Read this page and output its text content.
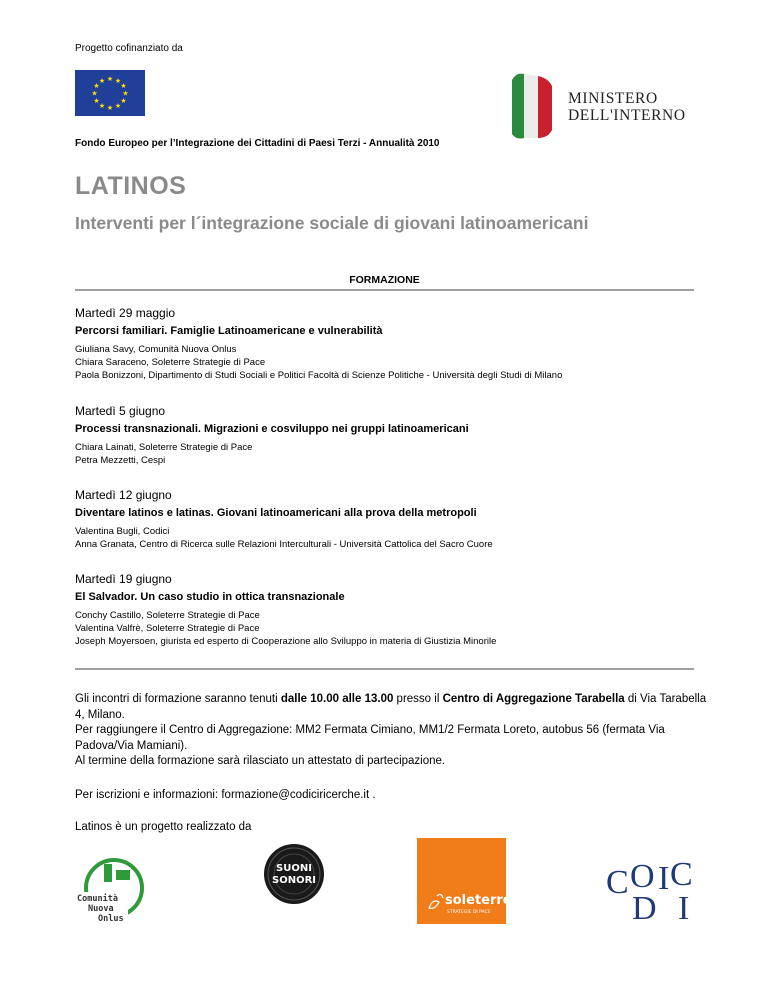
Progetto cofinanziato da
★ ★
★
★
★
★
★
★
★
★
★
★
MINISTERO
DELL'INTERNO
Fondo Europeo per l’Integrazione dei Cittadini di Paesi Terzi - Annualità 2010
LATINOS
Interventi per l´integrazione sociale di giovani latinoamericani
FORMAZIONE
Martedì 29 maggio
Percorsi familiari. Famiglie Latinoamericane e vulnerabilità
Giuliana Savy, Comunità Nuova Onlus
Chiara Saraceno, Soleterre Strategie di Pace
Paola Bonizzoni, Dipartimento di Studi Sociali e Politici Facoltà di Scienze Politiche - Università degli Studi di Milano
Martedì 5 giugno
Processi transnazionali. Migrazioni e cosviluppo nei gruppi latinoamericani
Chiara Lainati, Soleterre Strategie di Pace
Petra Mezzetti, Cespi
Martedì 12 giugno
Diventare latinos e latinas. Giovani latinoamericani alla prova della metropoli
Valentina Bugli, Codici
Anna Granata, Centro di Ricerca sulle Relazioni Interculturali - Università Cattolica del Sacro Cuore
Martedì 19 giugno
El Salvador. Un caso studio in ottica transnazionale
Conchy Castillo, Soleterre Strategie di Pace
Valentina Valfrè, Soleterre Strategie di Pace
Joseph Moyersoen, giurista ed esperto di Cooperazione allo Sviluppo in materia di Giustizia Minorile

Gli incontri di formazione saranno tenuti dalle 10.00 alle 13.00 presso il Centro di Aggregazione Tarabella di Via Tarabella 4, Milano.

Per raggiungere il Centro di Aggregazione: MM2 Fermata Cimiano, MM1/2 Fermata Loreto, autobus 56 (fermata Via Padova/Via Mamiani).

Al termine della formazione sarà rilasciato un attestato di partecipazione.

Per iscrizioni e informazioni: formazione@codiciricerche.it .
Latinos è un progetto realizzato da
Comunità
Nuova
Onlus
SUONI
SONORI
soleterre
STRATEGIE DI PACE
C O I C
D I
